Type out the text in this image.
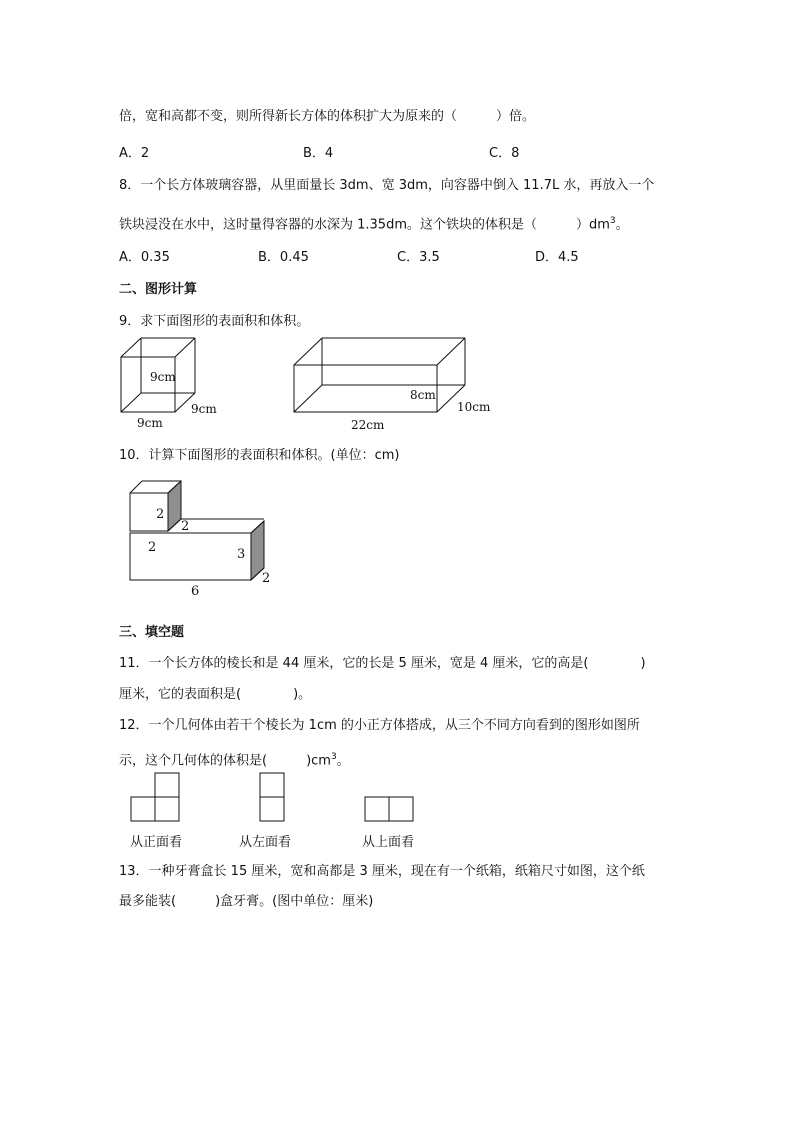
倍，宽和高都不变，则所得新长方体的体积扩大为原来的（　　　）倍。
A．2	B．4	C．8
8．一个长方体玻璃容器，从里面量长 3dm、宽 3dm，向容器中倒入 11.7L 水，再放入一个
铁块浸没在水中，这时量得容器的水深为 1.35dm。这个铁块的体积是（　　　）$dm^3$。
A．0.35	B．0.45	C．3.5	D．4.5
二、图形计算
9．求下面图形的表面积和体积。
9cm
9cm
9cm
8cm
10cm
22cm
10．计算下面图形的表面积和体积。(单位：cm)
2
2
2	3
2
6
三、填空题
11．一个长方体的棱长和是 44 厘米，它的长是 5 厘米，宽是 4 厘米，它的高是(　　　　)
厘米，它的表面积是(　　　　)。
12．一个几何体由若干个棱长为 1cm 的小正方体搭成，从三个不同方向看到的图形如图所
示，这个几何体的体积是(　　　)$cm^3$。
从正面看	从左面看	从上面看
13．一种牙膏盒长 15 厘米，宽和高都是 3 厘米，现在有一个纸箱，纸箱尺寸如图，这个纸
最多能装(　　　)盒牙膏。(图中单位：厘米)
